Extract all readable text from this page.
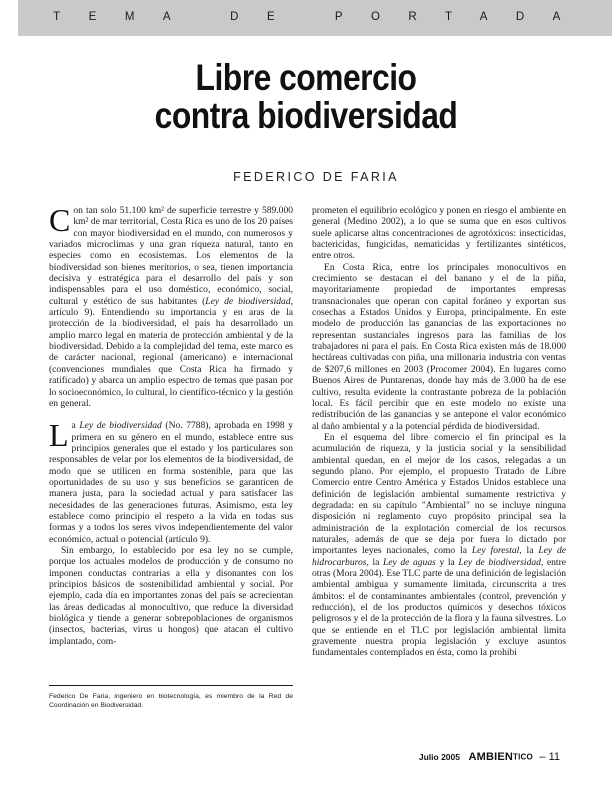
TEMA DE PORTADA
Libre comercio
contra biodiversidad
FEDERICO DE FARIA

Con tan solo 51.100 km² de superficie terrestre y 589.000 km² de mar territorial, Costa Rica es uno de los 20 países con mayor biodiversidad en el mundo, con numerosos y variados microclimas y una gran riqueza natural, tanto en especies como en ecosistemas. Los elementos de la biodiversidad son bienes meritorios, o sea, tienen importancia decisiva y estratégica para el desarrollo del país y son indispensables para el uso doméstico, económico, social, cultural y estético de sus habitantes (Ley de biodiversidad, artículo 9). Entendiendo su importancia y en aras de la protección de la biodiversidad, el país ha desarrollado un amplio marco legal en materia de protección ambiental y de la biodiversidad. Debido a la complejidad del tema, este marco es de carácter nacional, regional (americano) e internacional (convenciones mundiales que Costa Rica ha firmado y ratificado) y abarca un amplio espectro de temas que pasan por lo socioeconómico, lo cultural, lo científico-técnico y la gestión en general.

La Ley de biodiversidad (No. 7788), aprobada en 1998 y primera en su género en el mundo, establece entre sus principios generales que el estado y los particulares son responsables de velar por los elementos de la biodiversidad, de modo que se utilicen en forma sostenible, para que las oportunidades de su uso y sus beneficios se garanticen de manera justa, para la sociedad actual y para satisfacer las necesidades de las generaciones futuras. Asimismo, esta ley establece como principio el respeto a la vida en todas sus formas y a todos los seres vivos independientemente del valor económico, actual o potencial (artículo 9).

Sin embargo, lo establecido por esa ley no se cumple, porque los actuales modelos de producción y de consumo no imponen conductas contrarias a ella y disonantes con los principios básicos de sostenibilidad ambiental y social. Por ejemplo, cada día en importantes zonas del país se acrecientan las áreas dedicadas al monocultivo, que reduce la diversidad biológica y tiende a generar sobrepoblaciones de organismos (insectos, bacterias, virus u hongos) que atacan el cultivo implantado, com-

prometen el equilibrio ecológico y ponen en riesgo el ambiente en general (Medino 2002), a lo que se suma que en esos cultivos suele aplicarse altas concentraciones de agrotóxicos: insecticidas, bactericidas, fungicidas, nematicidas y fertilizantes sintéticos, entre otros.

En Costa Rica, entre los principales monocultivos en crecimiento se destacan el del banano y el de la piña, mayoritariamente propiedad de importantes empresas transnacionales que operan con capital foráneo y exportan sus cosechas a Estados Unidos y Europa, principalmente. En este modelo de producción las ganancias de las exportaciones no representan sustanciales ingresos para las familias de los trabajadores ni para el país. En Costa Rica existen más de 18.000 hectáreas cultivadas con piña, una millonaria industria con ventas de $207,6 millones en 2003 (Procomer 2004). En lugares como Buenos Aires de Puntarenas, donde hay más de 3.000 ha de ese cultivo, resulta evidente la contrastante pobreza de la población local. Es fácil percibir que en este modelo no existe una redistribución de las ganancias y se antepone el valor económico al daño ambiental y a la potencial pérdida de biodiversidad.

En el esquema del libre comercio el fin principal es la acumulación de riqueza, y la justicia social y la sensibilidad ambiental quedan, en el mejor de los casos, relegadas a un segundo plano. Por ejemplo, el propuesto Tratado de Libre Comercio entre Centro América y Estados Unidos establece una definición de legislación ambiental sumamente restrictiva y degradada: en su capítulo "Ambiental" no se incluye ninguna disposición ni reglamento cuyo propósito principal sea la administración de la explotación comercial de los recursos naturales, además de que se deja por fuera lo dictado por importantes leyes nacionales, como la Ley forestal, la Ley de hidrocarburos, la Ley de aguas y la Ley de biodiversidad, entre otras (Mora 2004). Ese TLC parte de una definición de legislación ambiental ambigua y sumamente limitada, circunscrita a tres ámbitos: el de contaminantes ambientales (control, prevención y reducción), el de los productos químicos y desechos tóxicos peligrosos y el de la protección de la flora y la fauna silvestres. Lo que se entiende en el TLC por legislación ambiental limita gravemente nuestra propia legislación y excluye asuntos fundamentales contemplados en ésta, como la prohibi

Federico De Faria, ingeniero en biotecnología, es miembro de la Red de Coordinación en Biodiversidad.
Julio 2005 AMBIENTICO – 11
